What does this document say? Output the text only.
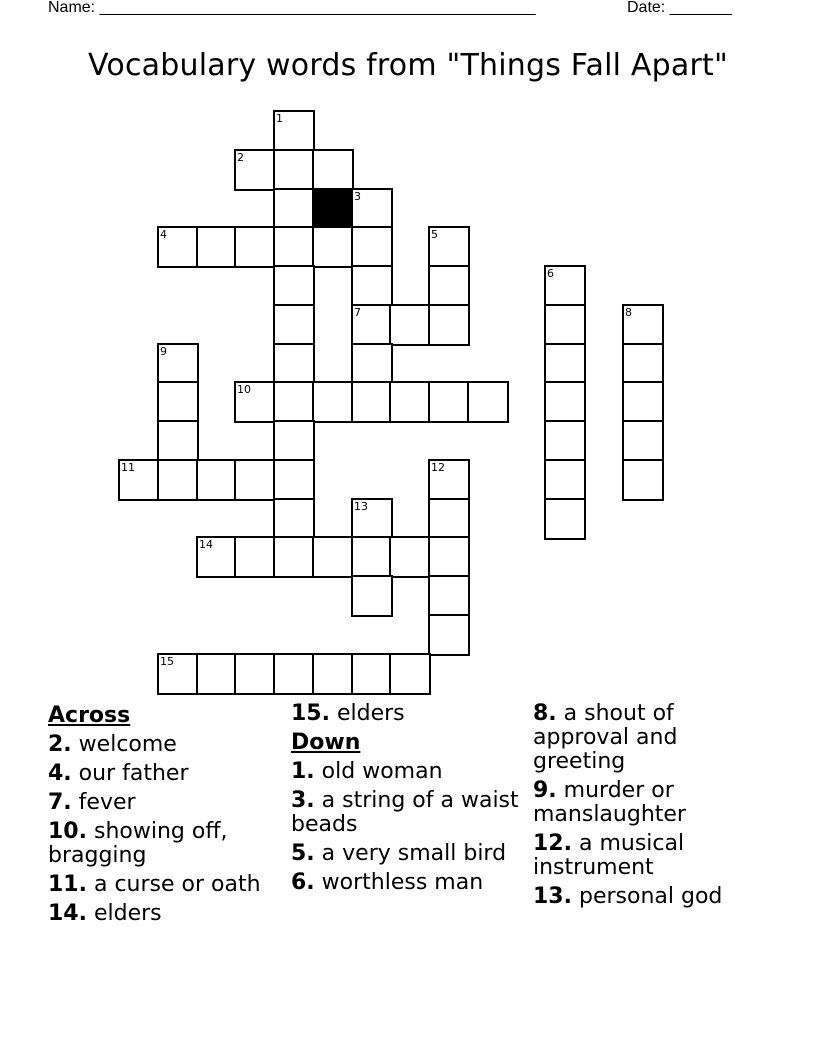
Name: _________________________________________________	Date: _______
Vocabulary words from "Things Fall Apart"
1
2
3
4	5
6
7	8
9
10
11	12
13
14
15
Across
2. welcome
4. our father
7. fever
10. showing off, bragging
11. a curse or oath
14. elders
15. elders
Down
1. old woman
3. a string of a waist beads
5. a very small bird
6. worthless man
8. a shout of approval and greeting
9. murder or manslaughter
12. a musical instrument
13. personal god
